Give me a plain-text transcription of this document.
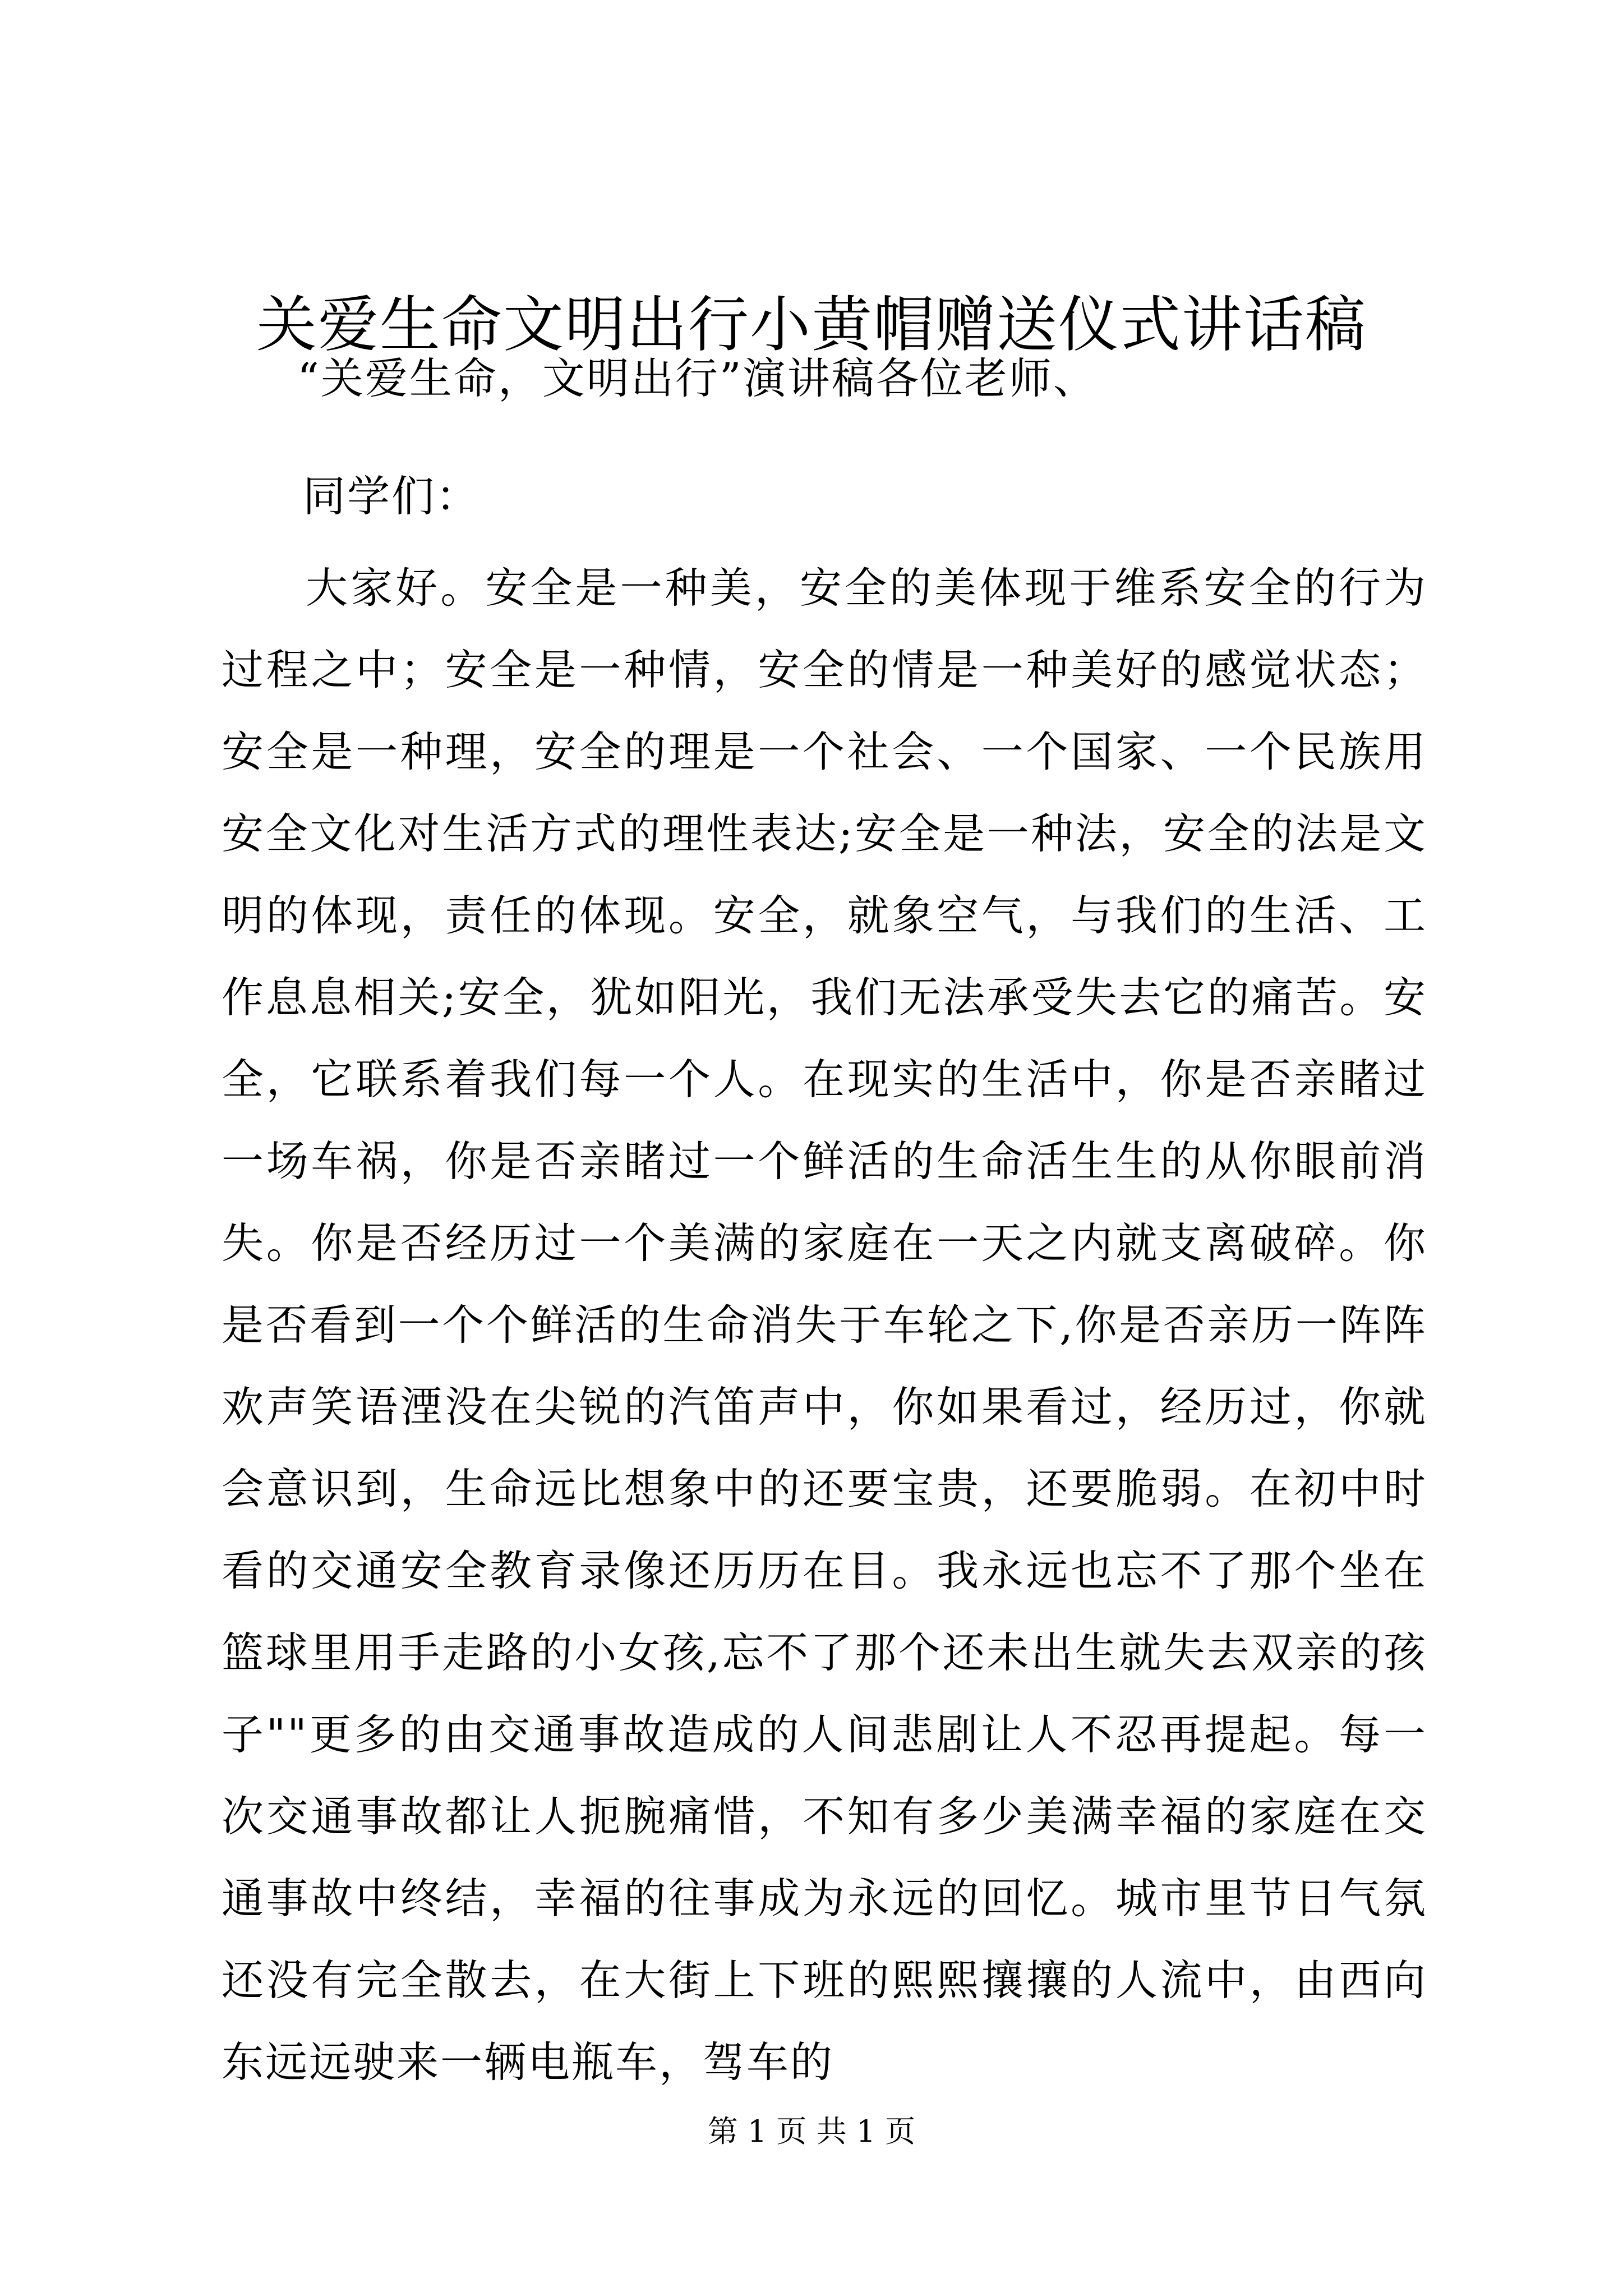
关爱生命文明出行小黄帽赠送仪式讲话稿

“关爱生命，文明出行”演讲稿各位老师、

同学们：

大家好。安全是一种美，安全的美体现于维系安全的行为过程之中；安全是一种情，安全的情是一种美好的感觉状态；安全是一种理，安全的理是一个社会、一个国家、一个民族用安全文化对生活方式的理性表达;安全是一种法，安全的法是文明的体现，责任的体现。安全，就象空气，与我们的生活、工作息息相关;安全，犹如阳光，我们无法承受失去它的痛苦。安全，它联系着我们每一个人。在现实的生活中，你是否亲睹过一场车祸，你是否亲睹过一个鲜活的生命活生生的从你眼前消失。你是否经历过一个美满的家庭在一天之内就支离破碎。你是否看到一个个鲜活的生命消失于车轮之下,你是否亲历一阵阵欢声笑语湮没在尖锐的汽笛声中，你如果看过，经历过，你就会意识到，生命远比想象中的还要宝贵，还要脆弱。在初中时看的交通安全教育录像还历历在目。我永远也忘不了那个坐在篮球里用手走路的小女孩,忘不了那个还未出生就失去双亲的孩子""更多的由交通事故造成的人间悲剧让人不忍再提起。每一次交通事故都让人扼腕痛惜，不知有多少美满幸福的家庭在交通事故中终结，幸福的往事成为永远的回忆。城市里节日气氛还没有完全散去，在大街上下班的熙熙攘攘的人流中，由西向东远远驶来一辆电瓶车，驾车的

第 1 页 共 1 页
